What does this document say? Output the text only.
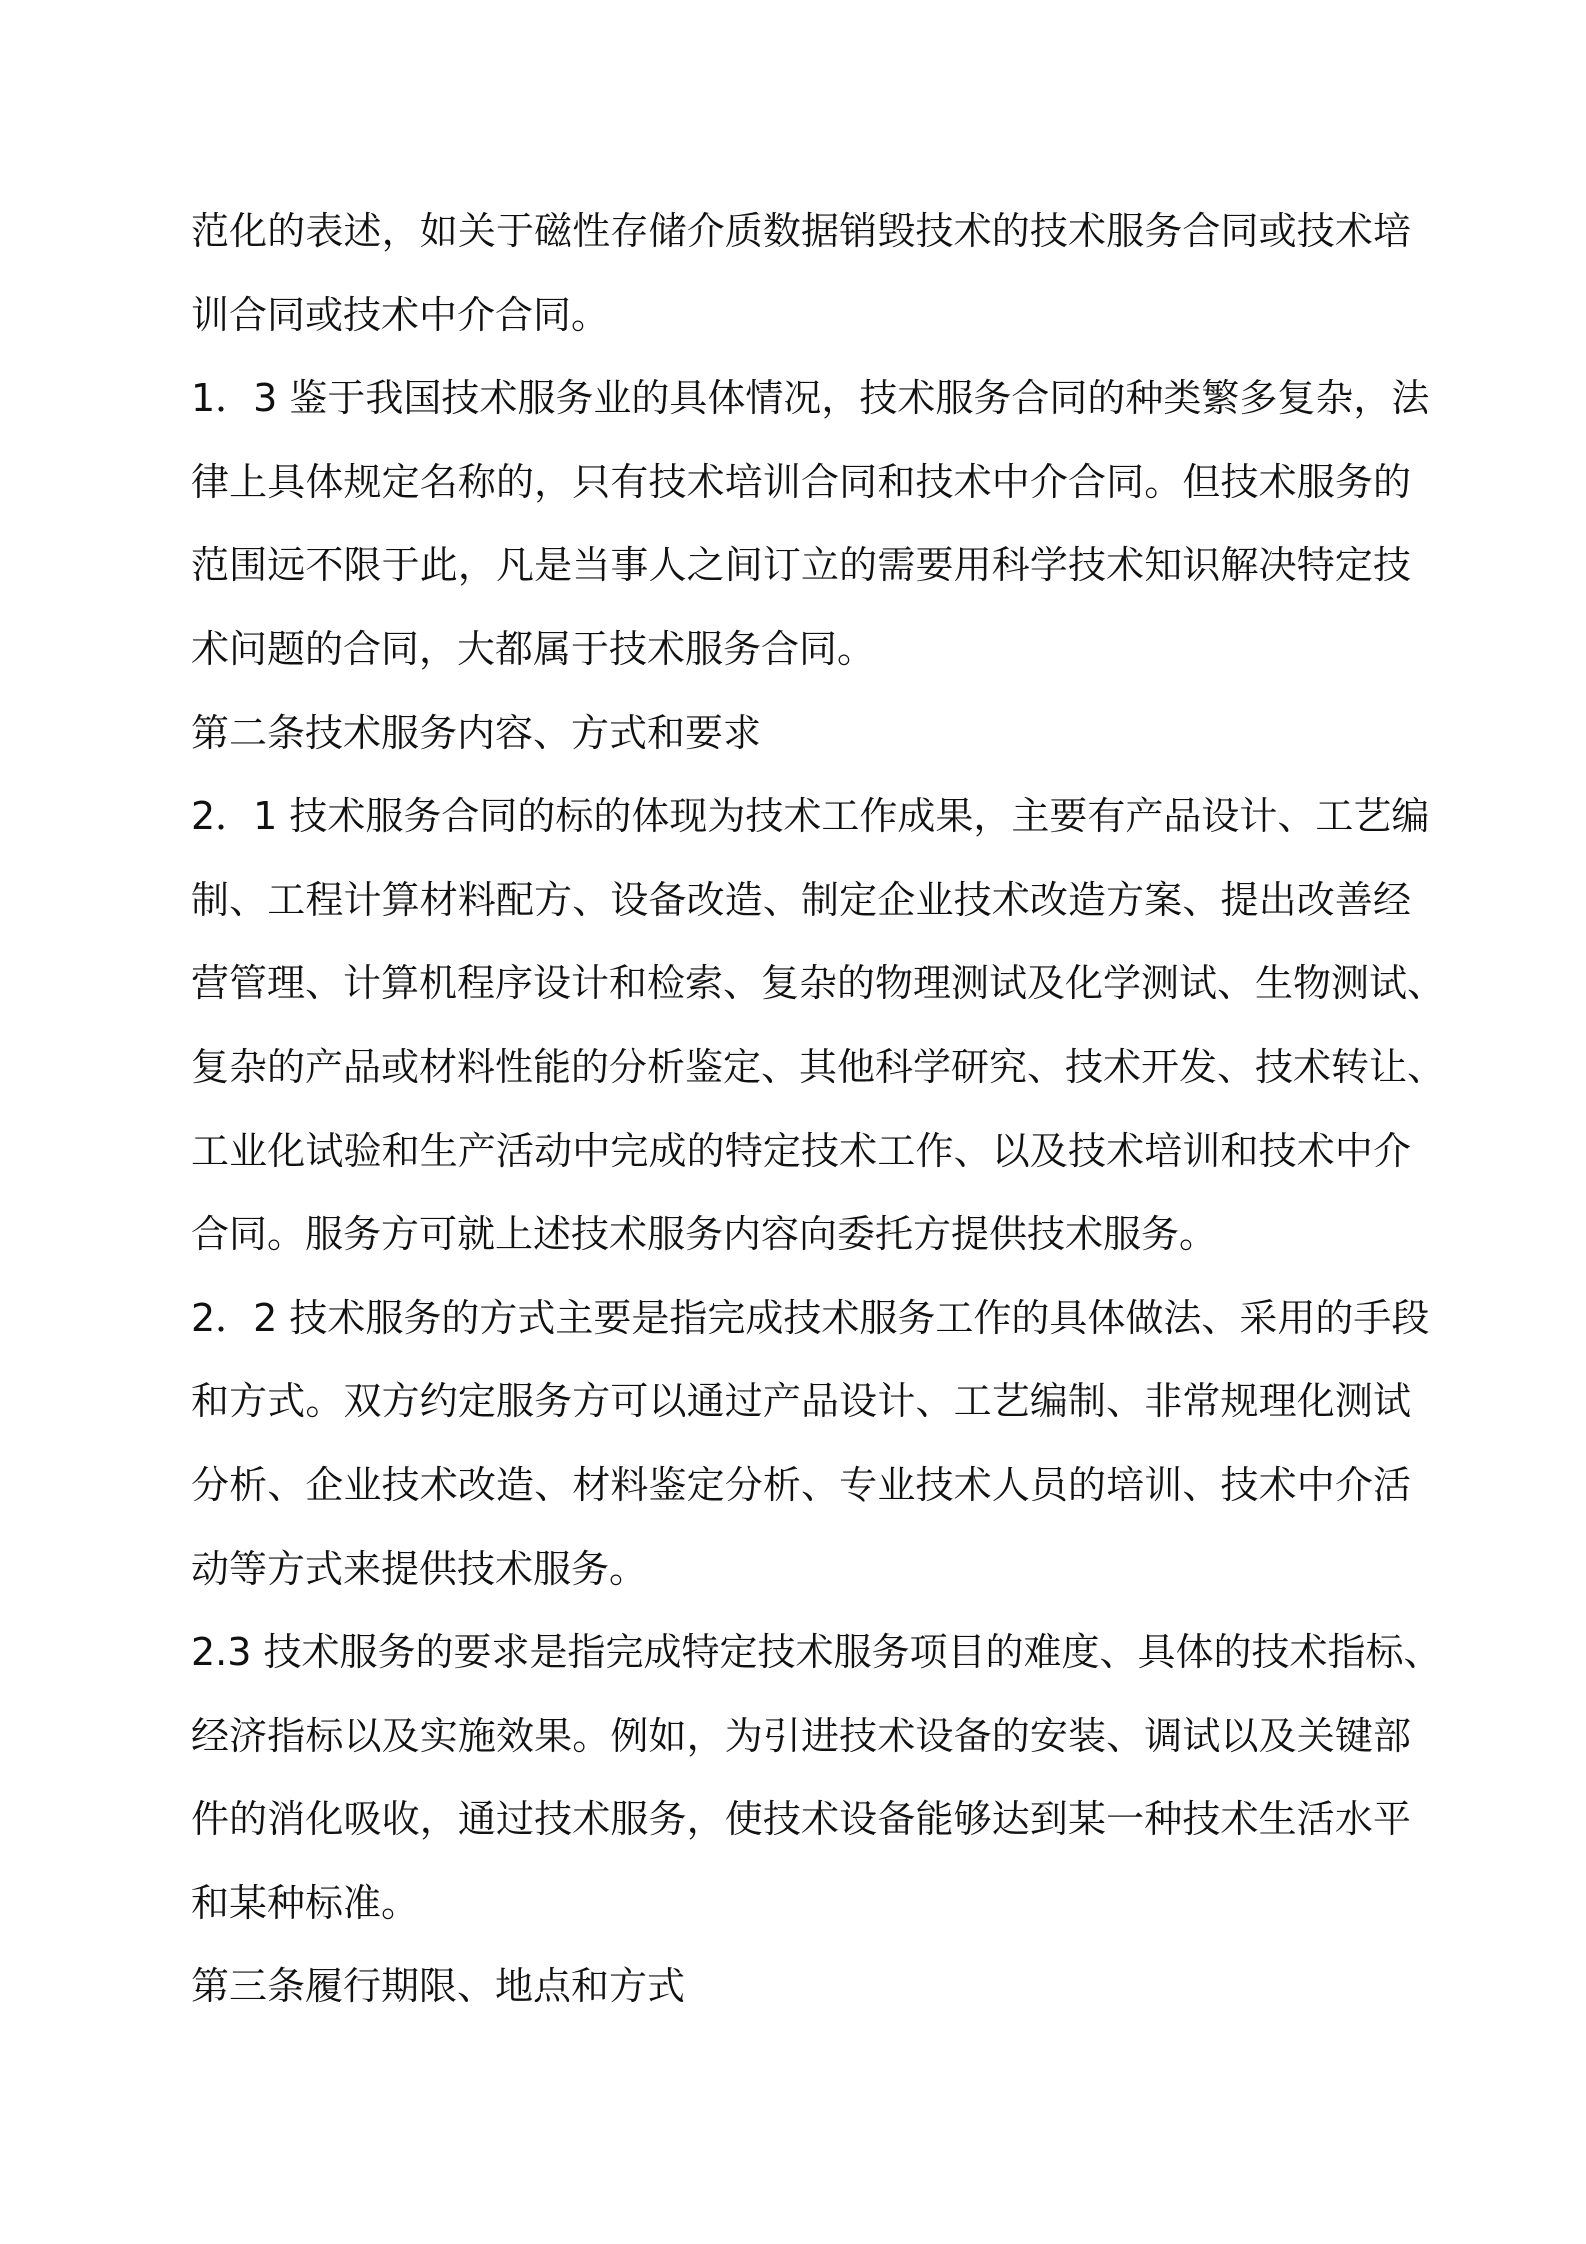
范化的表述，如关于磁性存储介质数据销毁技术的技术服务合同或技术培
训合同或技术中介合同。
1．3 鉴于我国技术服务业的具体情况，技术服务合同的种类繁多复杂，法
律上具体规定名称的，只有技术培训合同和技术中介合同。但技术服务的
范围远不限于此，凡是当事人之间订立的需要用科学技术知识解决特定技
术问题的合同，大都属于技术服务合同。
第二条技术服务内容、方式和要求
2．1 技术服务合同的标的体现为技术工作成果，主要有产品设计、工艺编
制、工程计算材料配方、设备改造、制定企业技术改造方案、提出改善经
营管理、计算机程序设计和检索、复杂的物理测试及化学测试、生物测试、
复杂的产品或材料性能的分析鉴定、其他科学研究、技术开发、技术转让、
工业化试验和生产活动中完成的特定技术工作、以及技术培训和技术中介
合同。服务方可就上述技术服务内容向委托方提供技术服务。
2．2 技术服务的方式主要是指完成技术服务工作的具体做法、采用的手段
和方式。双方约定服务方可以通过产品设计、工艺编制、非常规理化测试
分析、企业技术改造、材料鉴定分析、专业技术人员的培训、技术中介活
动等方式来提供技术服务。
2.3 技术服务的要求是指完成特定技术服务项目的难度、具体的技术指标、
经济指标以及实施效果。例如，为引进技术设备的安装、调试以及关键部
件的消化吸收，通过技术服务，使技术设备能够达到某一种技术生活水平
和某种标准。
第三条履行期限、地点和方式
